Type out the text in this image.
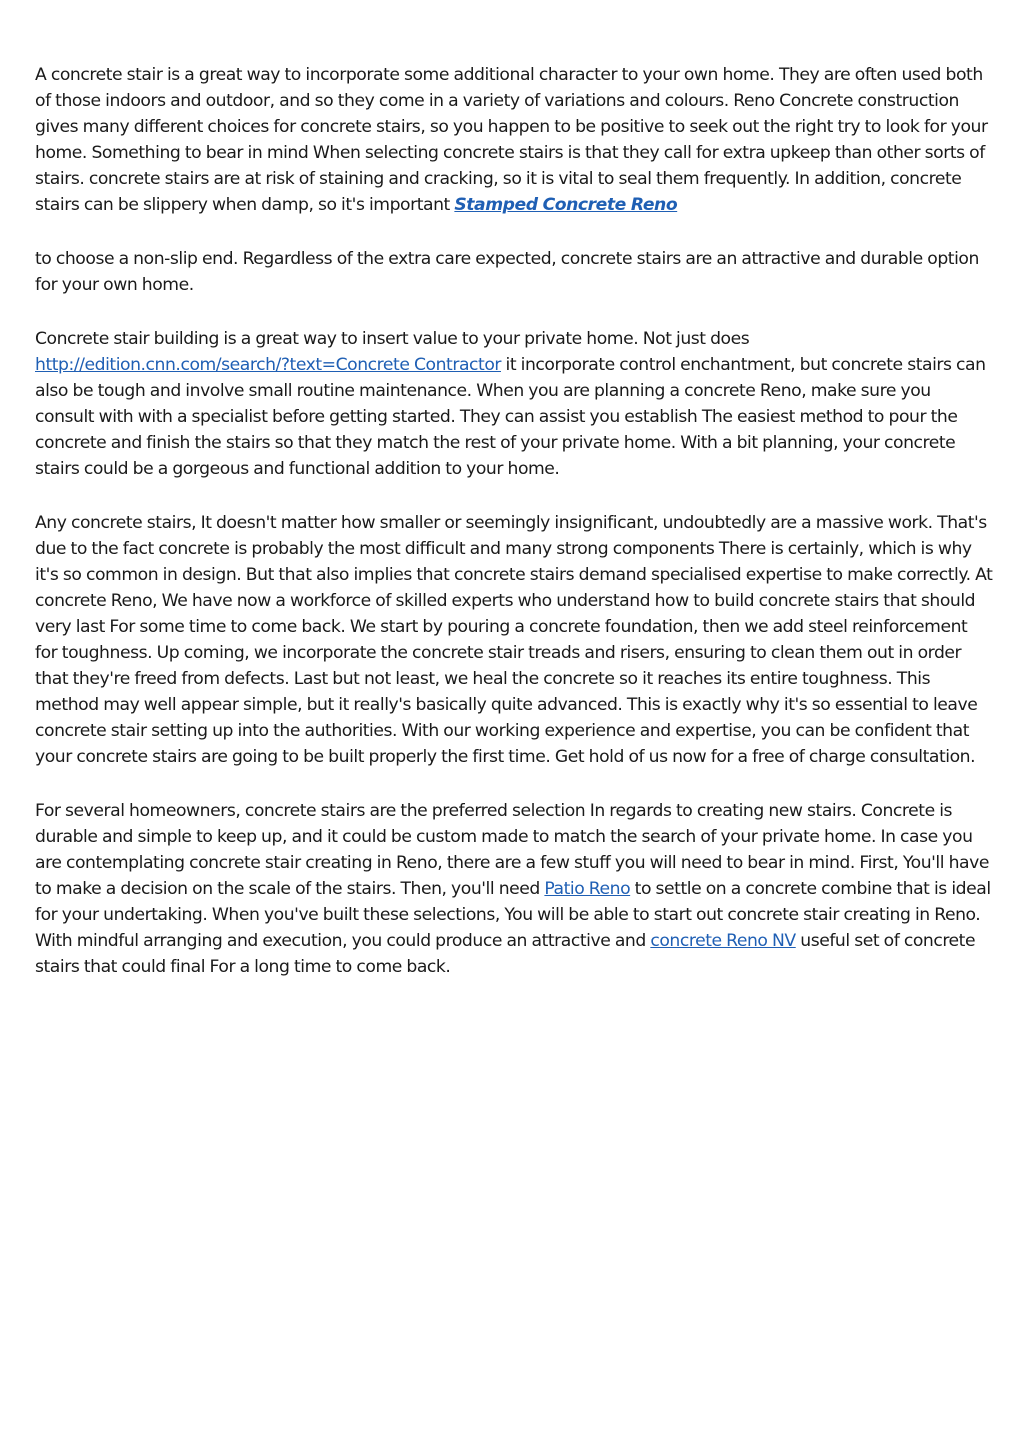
A concrete stair is a great way to incorporate some additional character to your own home. They are often used both of those indoors and outdoor, and so they come in a variety of variations and colours. Reno Concrete construction gives many different choices for concrete stairs, so you happen to be positive to seek out the right try to look for your home. Something to bear in mind When selecting concrete stairs is that they call for extra upkeep than other sorts of stairs. concrete stairs are at risk of staining and cracking, so it is vital to seal them frequently. In addition, concrete stairs can be slippery when damp, so it's important Stamped Concrete Reno

to choose a non-slip end. Regardless of the extra care expected, concrete stairs are an attractive and durable option for your own home.

Concrete stair building is a great way to insert value to your private home. Not just does http://edition.cnn.com/search/?text=Concrete Contractor it incorporate control enchantment, but concrete stairs can also be tough and involve small routine maintenance. When you are planning a concrete Reno, make sure you consult with with a specialist before getting started. They can assist you establish The easiest method to pour the concrete and finish the stairs so that they match the rest of your private home. With a bit planning, your concrete stairs could be a gorgeous and functional addition to your home.

Any concrete stairs, It doesn't matter how smaller or seemingly insignificant, undoubtedly are a massive work. That's due to the fact concrete is probably the most difficult and many strong components There is certainly, which is why it's so common in design. But that also implies that concrete stairs demand specialised expertise to make correctly. At concrete Reno, We have now a workforce of skilled experts who understand how to build concrete stairs that should very last For some time to come back. We start by pouring a concrete foundation, then we add steel reinforcement for toughness. Up coming, we incorporate the concrete stair treads and risers, ensuring to clean them out in order that they're freed from defects. Last but not least, we heal the concrete so it reaches its entire toughness. This method may well appear simple, but it really's basically quite advanced. This is exactly why it's so essential to leave concrete stair setting up into the authorities. With our working experience and expertise, you can be confident that your concrete stairs are going to be built properly the first time. Get hold of us now for a free of charge consultation.

For several homeowners, concrete stairs are the preferred selection In regards to creating new stairs. Concrete is durable and simple to keep up, and it could be custom made to match the search of your private home. In case you are contemplating concrete stair creating in Reno, there are a few stuff you will need to bear in mind. First, You'll have to make a decision on the scale of the stairs. Then, you'll need Patio Reno to settle on a concrete combine that is ideal for your undertaking. When you've built these selections, You will be able to start out concrete stair creating in Reno. With mindful arranging and execution, you could produce an attractive and concrete Reno NV useful set of concrete stairs that could final For a long time to come back.
